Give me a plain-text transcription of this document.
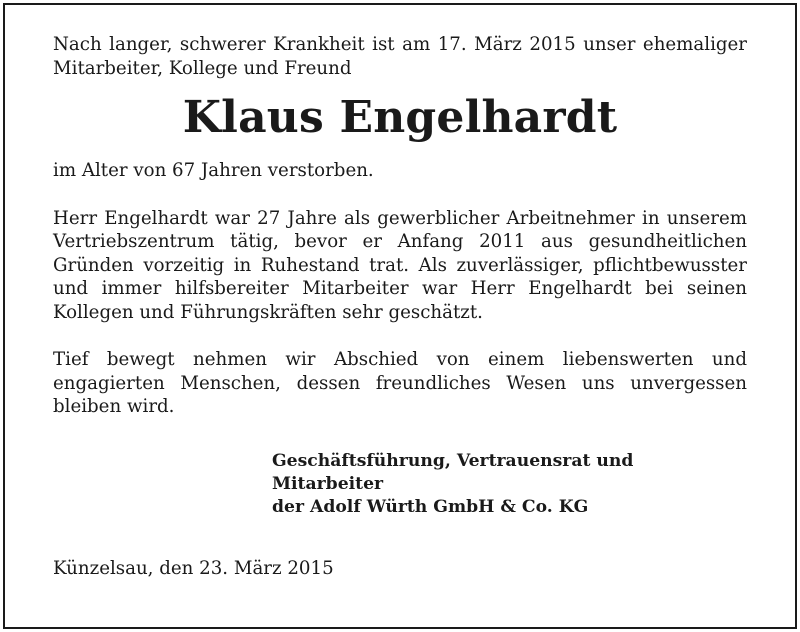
Nach langer, schwerer Krankheit ist am 17. März 2015 unser ehemaliger Mitarbeiter, Kollege und Freund

Klaus Engelhardt

im Alter von 67 Jahren verstorben.

Herr Engelhardt war 27 Jahre als gewerblicher Arbeitnehmer in unserem Vertriebszentrum tätig, bevor er Anfang 2011 aus gesundheitlichen Gründen vorzeitig in Ruhestand trat. Als zuverlässiger, pflichtbewusster und immer hilfsbereiter Mitarbeiter war Herr Engelhardt bei seinen Kollegen und Führungskräften sehr geschätzt.

Tief bewegt nehmen wir Abschied von einem liebenswerten und engagierten Menschen, dessen freundliches Wesen uns unvergessen bleiben wird.

Geschäftsführung, Vertrauensrat und Mitarbeiter

der Adolf Würth GmbH & Co. KG

Künzelsau, den 23. März 2015
